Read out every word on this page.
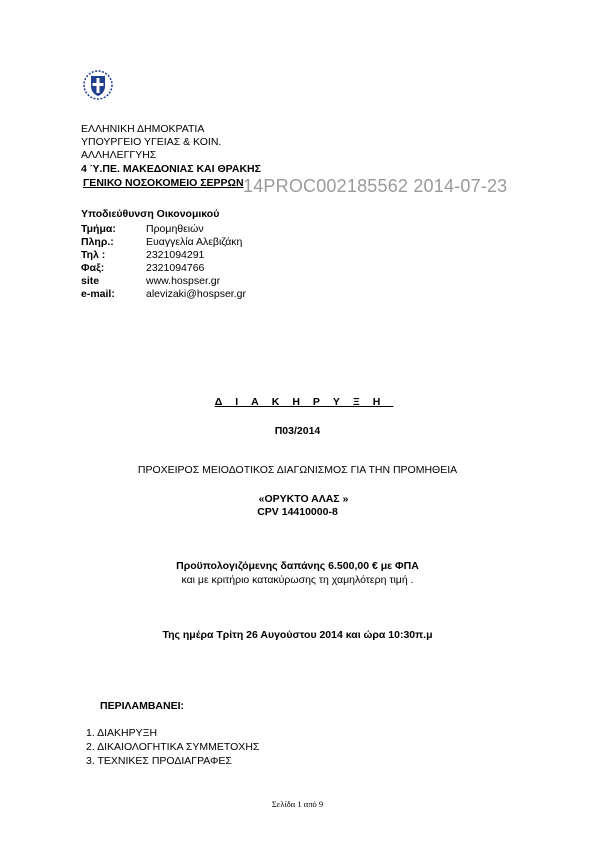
ΕΛΛΗΝΙΚΗ ΔΗΜΟΚΡΑΤΙΑ
ΥΠΟΥΡΓΕΙΟ ΥΓΕΙΑΣ & ΚΟΙΝ.
ΑΛΛΗΛΕΓΓΥΗΣ
4 Ύ.ΠΕ. ΜΑΚΕΔΟΝΙΑΣ ΚΑΙ ΘΡΑΚΗΣ
ΓΕΝΙΚΟ ΝΟΣΟΚΟΜΕΙΟ ΣΕΡΡΩΝ 14PROC002185562 2014-07-23
Υποδιεύθυνση Οικονομικού
Τμήμα:	Προμηθειών
Πληρ.:	Ευαγγελία Αλεβιζάκη
Τηλ :	2321094291
Φαξ:	2321094766
site	www.hospser.gr
e-mail:	alevizaki@hospser.gr
ΔΙΑΚΗΡΥΞΗ
Π03/2014
ΠΡΟΧΕΙΡΟΣ ΜΕΙΟΔΟΤΙΚΟΣ ΔΙΑΓΩΝΙΣΜΟΣ ΓΙΑ ΤΗΝ ΠΡΟΜΗΘΕΙΑ
«ΟΡΥΚΤΟ ΑΛΑΣ »
CPV 14410000-8
Προϋπολογιζόμενης δαπάνης 6.500,00 € με ΦΠΑ
και με κριτήριο κατακύρωσης τη χαμηλότερη τιμή .
Της ημέρα Τρίτη 26 Αυγούστου 2014 και ώρα 10:30π.μ
ΠΕΡΙΛΑΜΒΑΝΕΙ:
1. ΔΙΑΚΗΡΥΞΗ
2. ΔΙΚΑΙΟΛΟΓΗΤΙΚΑ ΣΥΜΜΕΤΟΧΗΣ
3. ΤΕΧΝΙΚΕΣ ΠΡΟΔΙΑΓΡΑΦΕΣ
Σελίδα 1 από 9
